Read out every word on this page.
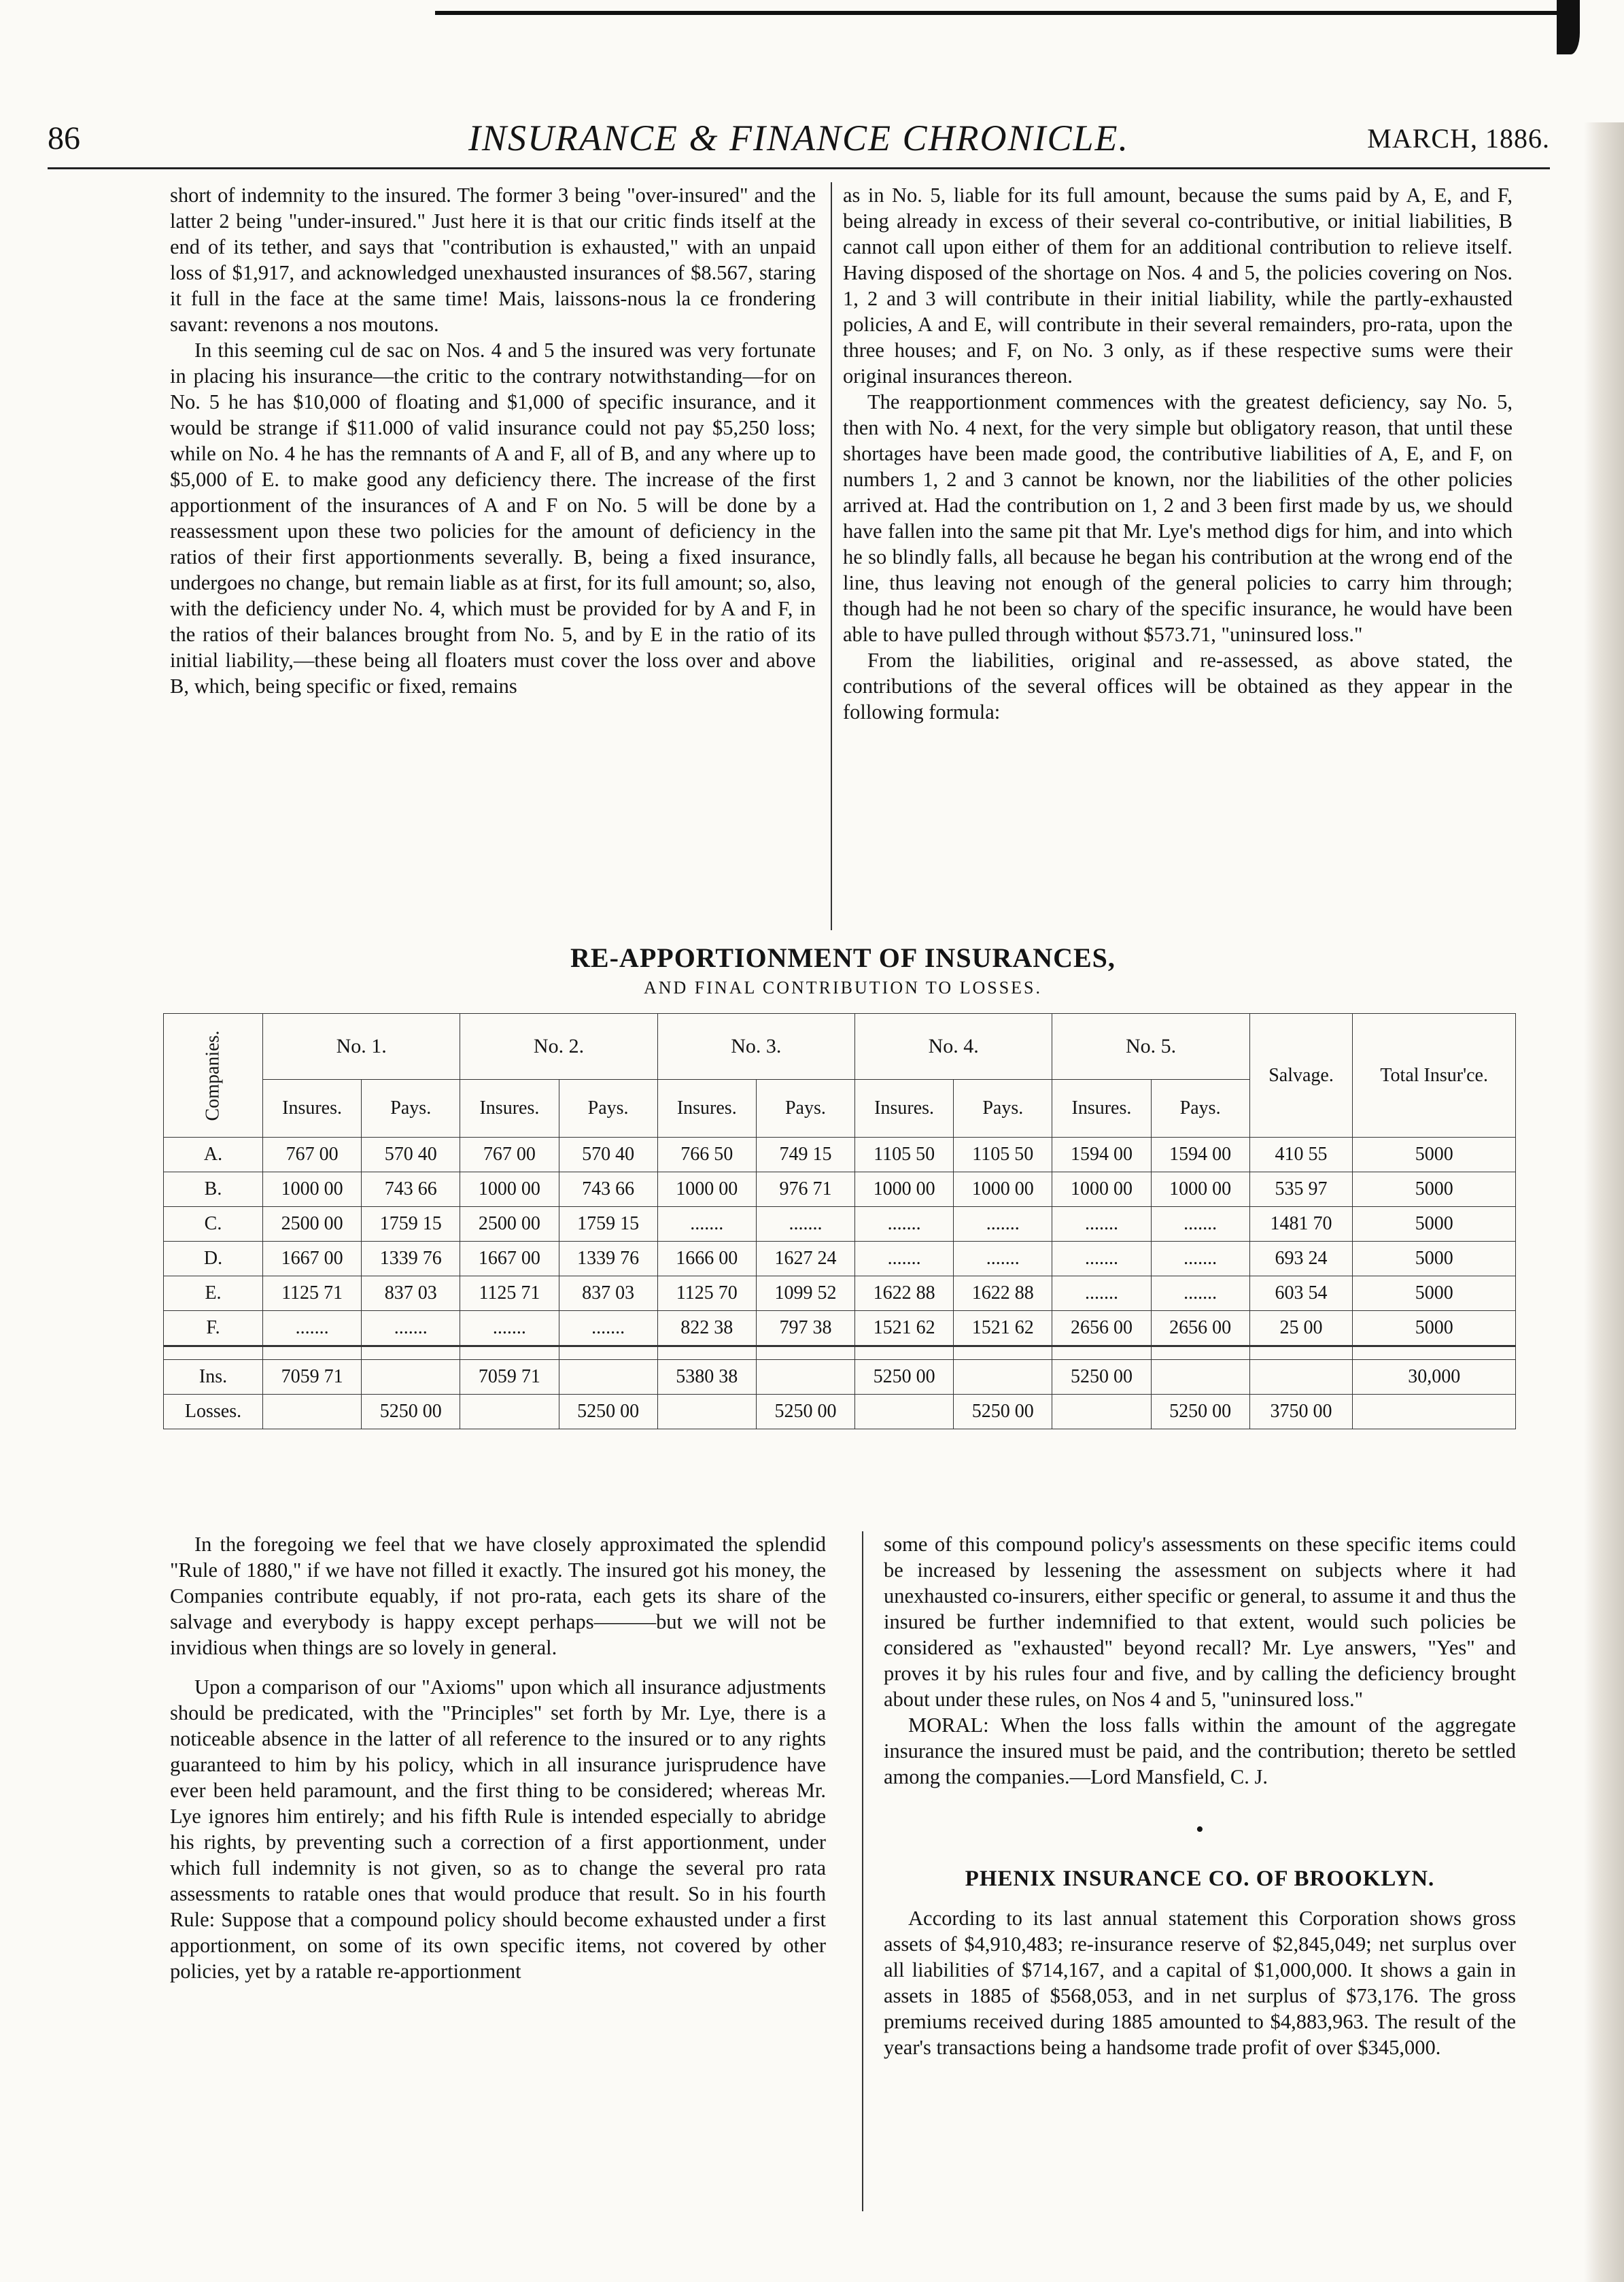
86	INSURANCE & FINANCE CHRONICLE.	MARCH, 1886.

short of indemnity to the insured. The former 3 being "over-insured" and the latter 2 being "under-insured." Just here it is that our critic finds itself at the end of its tether, and says that "contribution is exhausted," with an unpaid loss of $1,917, and acknowledged unexhausted insurances of $8.567, staring it full in the face at the same time! Mais, laissons-nous la ce frondering savant: revenons a nos moutons.

In this seeming cul de sac on Nos. 4 and 5 the insured was very fortunate in placing his insurance—the critic to the contrary notwithstanding—for on No. 5 he has $10,000 of floating and $1,000 of specific insurance, and it would be strange if $11.000 of valid insurance could not pay $5,250 loss; while on No. 4 he has the remnants of A and F, all of B, and any where up to $5,000 of E. to make good any deficiency there. The increase of the first apportionment of the insurances of A and F on No. 5 will be done by a reassessment upon these two policies for the amount of deficiency in the ratios of their first apportionments severally. B, being a fixed insurance, undergoes no change, but remain liable as at first, for its full amount; so, also, with the deficiency under No. 4, which must be provided for by A and F, in the ratios of their balances brought from No. 5, and by E in the ratio of its initial liability,—these being all floaters must cover the loss over and above B, which, being specific or fixed, remains

as in No. 5, liable for its full amount, because the sums paid by A, E, and F, being already in excess of their several co-contributive, or initial liabilities, B cannot call upon either of them for an additional contribution to relieve itself. Having disposed of the shortage on Nos. 4 and 5, the policies covering on Nos. 1, 2 and 3 will contribute in their initial liability, while the partly-exhausted policies, A and E, will contribute in their several remainders, pro-rata, upon the three houses; and F, on No. 3 only, as if these respective sums were their original insurances thereon.

The reapportionment commences with the greatest deficiency, say No. 5, then with No. 4 next, for the very simple but obligatory reason, that until these shortages have been made good, the contributive liabilities of A, E, and F, on numbers 1, 2 and 3 cannot be known, nor the liabilities of the other policies arrived at. Had the contribution on 1, 2 and 3 been first made by us, we should have fallen into the same pit that Mr. Lye's method digs for him, and into which he so blindly falls, all because he began his contribution at the wrong end of the line, thus leaving not enough of the general policies to carry him through; though had he not been so chary of the specific insurance, he would have been able to have pulled through without $573.71, "uninsured loss."

From the liabilities, original and re-assessed, as above stated, the contributions of the several offices will be obtained as they appear in the following formula:

RE-APPORTIONMENT OF INSURANCES,
AND FINAL CONTRIBUTION TO LOSSES.
Companies.	No. 1.		No. 2.		No. 3.		No. 4.		No. 5.		Salvage.	Total Insur'ce.
	Insures.	Pays.	Insures.	Pays.	Insures.	Pays.	Insures.	Pays.	Insures.	Pays.		
A.	767 00	570 40	767 00	570 40	766 50	749 15	1105 50	1105 50	1594 00	1594 00	410 55	5000
B.	1000 00	743 66	1000 00	743 66	1000 00	976 71	1000 00	1000 00	1000 00	1000 00	535 97	5000
C.	2500 00	1759 15	2500 00	1759 15	.......	.......	.......	.......	.......	.......	1481 70	5000
D.	1667 00	1339 76	1667 00	1339 76	1666 00	1627 24	.......	.......	.......	.......	693 24	5000
E.	1125 71	837 03	1125 71	837 03	1125 70	1099 52	1622 88	1622 88	.......	.......	603 54	5000
F.	.......	.......	.......	.......	822 38	797 38	1521 62	1521 62	2656 00	2656 00	25 00	5000

Ins.	7059 71		7059 71		5380 38		5250 00		5250 00			30,000
Losses.		5250 00		5250 00		5250 00		5250 00		5250 00	3750 00	

In the foregoing we feel that we have closely approximated the splendid "Rule of 1880," if we have not filled it exactly. The insured got his money, the Companies contribute equably, if not pro-rata, each gets its share of the salvage and everybody is happy except perhaps———but we will not be invidious when things are so lovely in general.

Upon a comparison of our "Axioms" upon which all insurance adjustments should be predicated, with the "Principles" set forth by Mr. Lye, there is a noticeable absence in the latter of all reference to the insured or to any rights guaranteed to him by his policy, which in all insurance jurisprudence have ever been held paramount, and the first thing to be considered; whereas Mr. Lye ignores him entirely; and his fifth Rule is intended especially to abridge his rights, by preventing such a correction of a first apportionment, under which full indemnity is not given, so as to change the several pro rata assessments to ratable ones that would produce that result. So in his fourth Rule: Suppose that a compound policy should become exhausted under a first apportionment, on some of its own specific items, not covered by other policies, yet by a ratable re-apportionment

some of this compound policy's assessments on these specific items could be increased by lessening the assessment on subjects where it had unexhausted co-insurers, either specific or general, to assume it and thus the insured be further indemnified to that extent, would such policies be considered as "exhausted" beyond recall? Mr. Lye answers, "Yes" and proves it by his rules four and five, and by calling the deficiency brought about under these rules, on Nos 4 and 5, "uninsured loss."

MORAL: When the loss falls within the amount of the aggregate insurance the insured must be paid, and the contribution; thereto be settled among the companies.—Lord Mansfield, C. J.

•
PHENIX INSURANCE CO. OF BROOKLYN.

According to its last annual statement this Corporation shows gross assets of $4,910,483; re-insurance reserve of $2,845,049; net surplus over all liabilities of $714,167, and a capital of $1,000,000. It shows a gain in assets in 1885 of $568,053, and in net surplus of $73,176. The gross premiums received during 1885 amounted to $4,883,963. The result of the year's transactions being a handsome trade profit of over $345,000.
